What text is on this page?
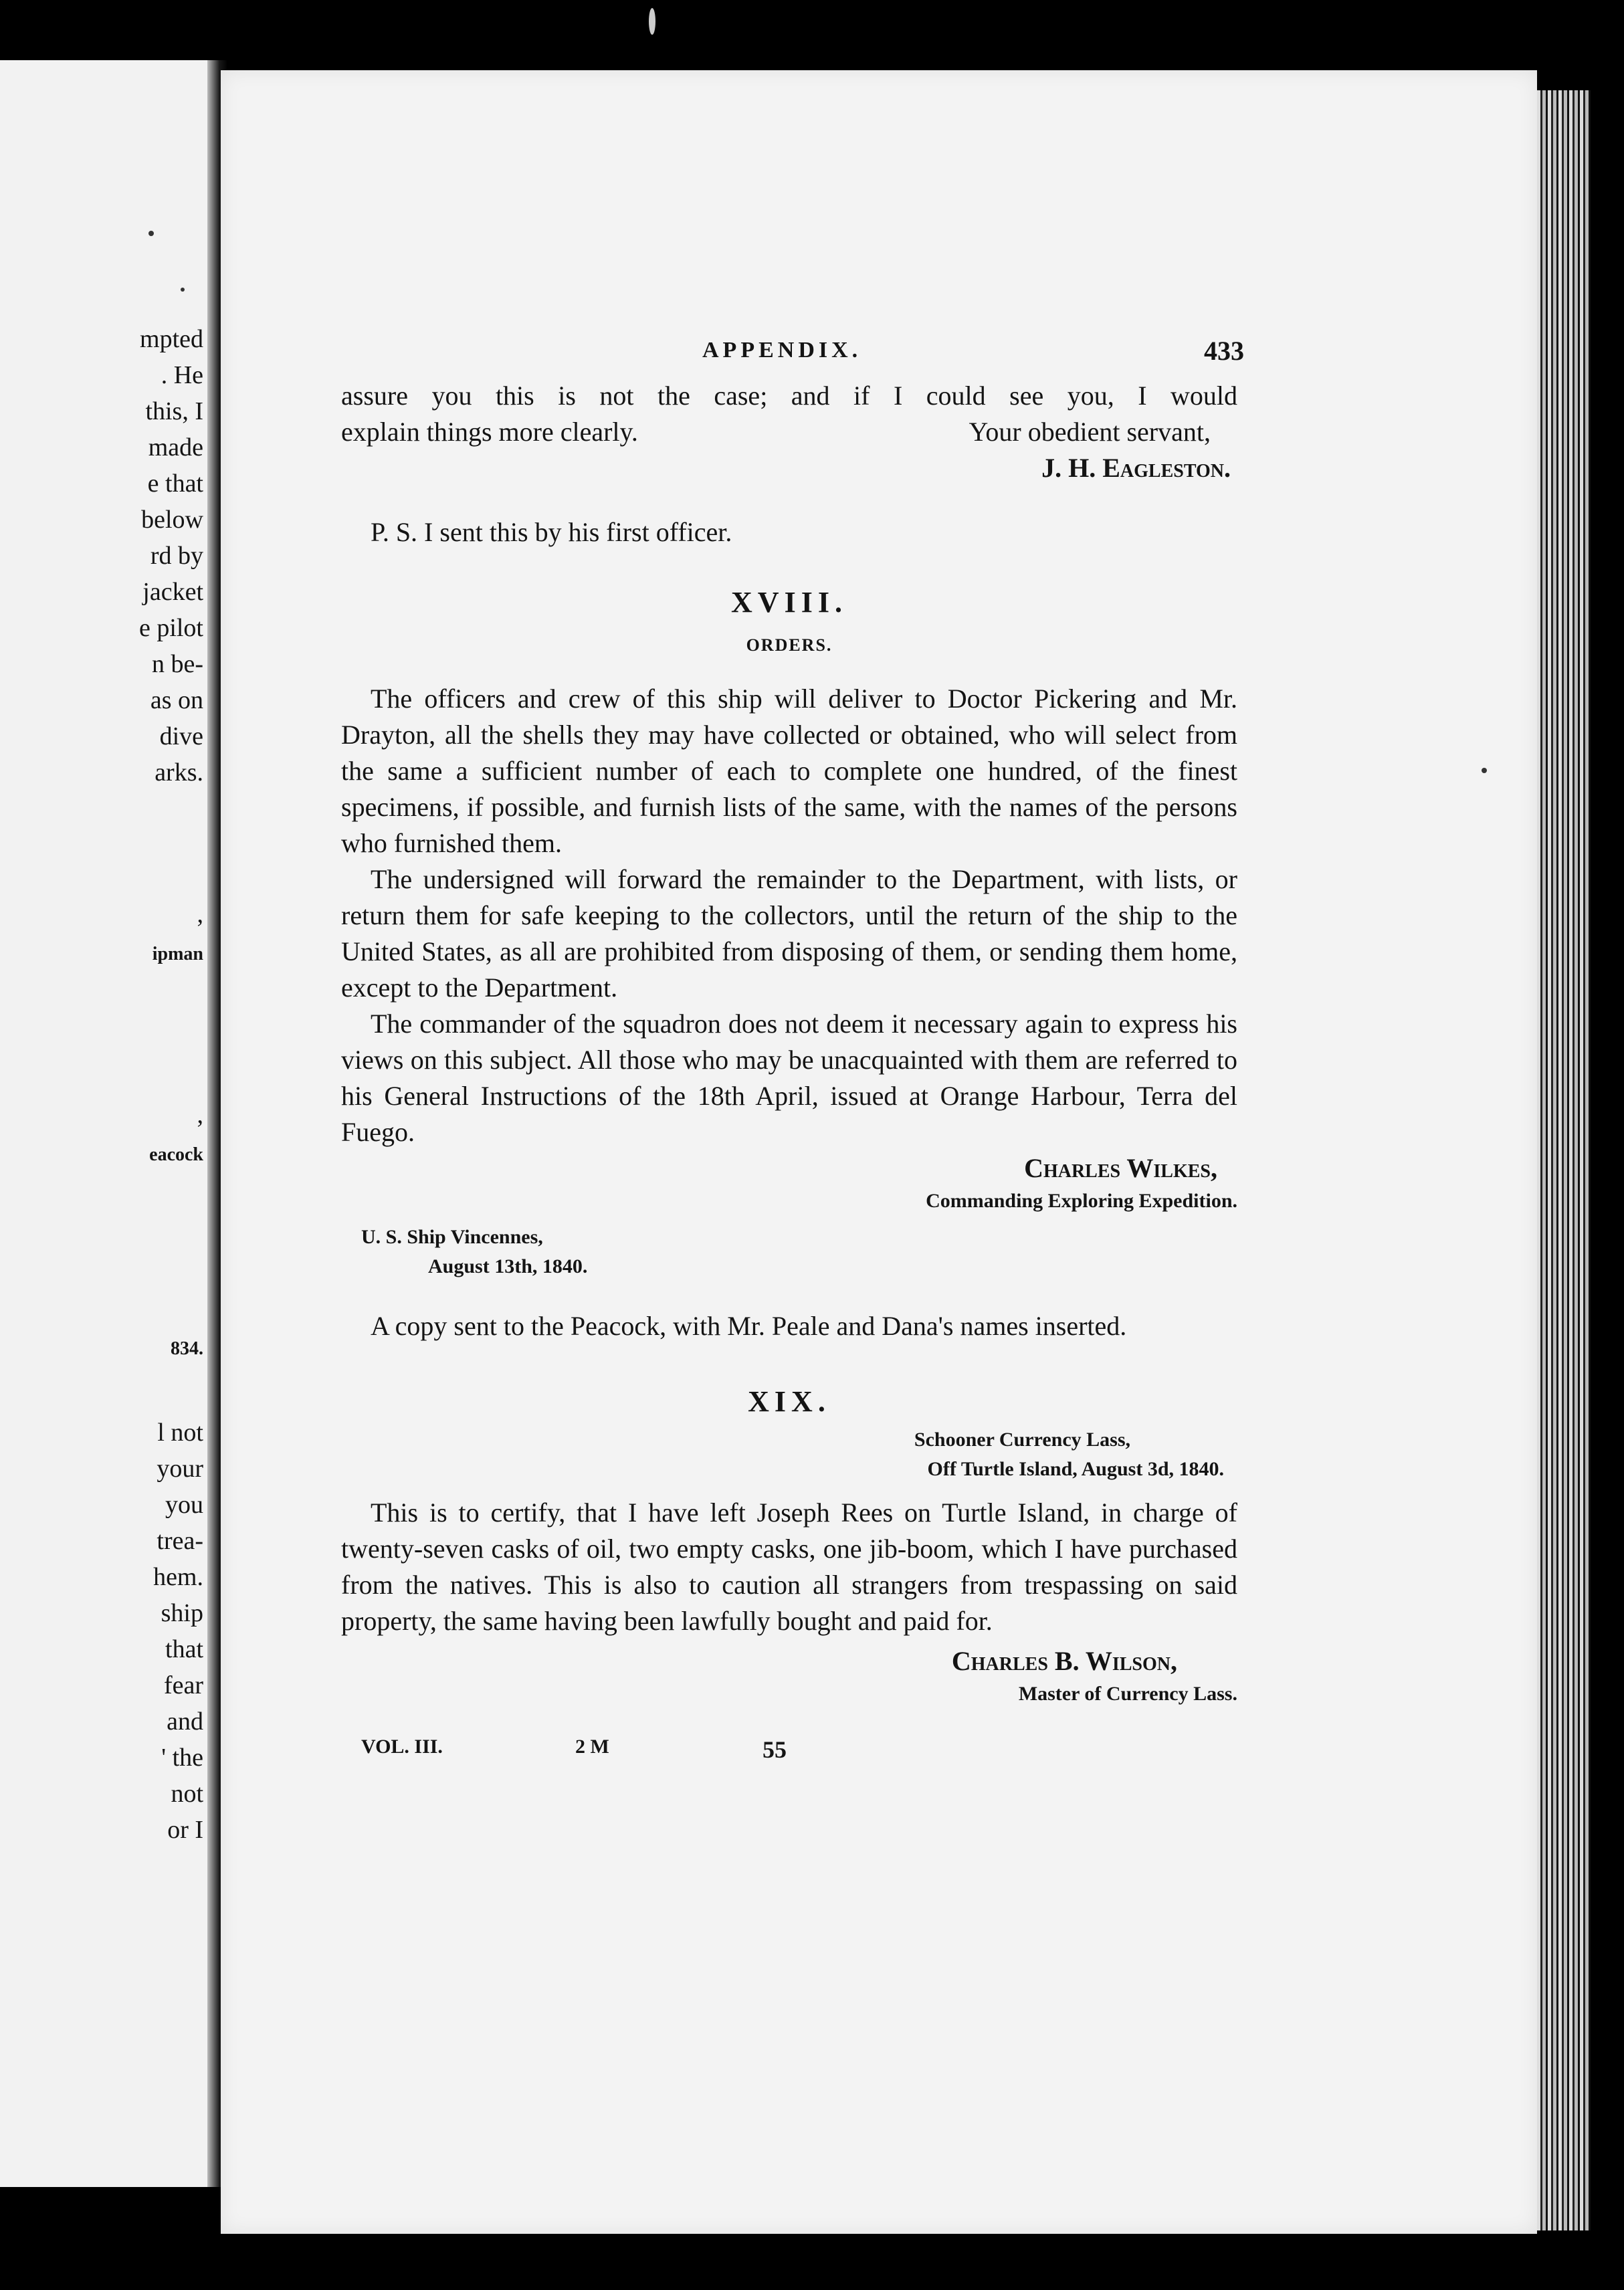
mpted
. He
this, I
made
e that
below
rd by
jacket
e pilot
n be-
as on
dive
arks.
,
ipman
,
eacock
834.
l not
your
you
trea-
hem.
ship
that
fear
and
' the
not
or I
APPENDIX.	433

assure you this is not the case; and if I could see you, I would

explain things more clearly.	Your obedient servant,

J. H. Eagleston.

P. S. I sent this by his first officer.

XVIII.

ORDERS.

The officers and crew of this ship will deliver to Doctor Pickering and Mr. Drayton, all the shells they may have collected or obtained, who will select from the same a sufficient number of each to complete one hundred, of the finest specimens, if possible, and furnish lists of the same, with the names of the persons who furnished them.

The undersigned will forward the remainder to the Department, with lists, or return them for safe keeping to the collectors, until the return of the ship to the United States, as all are prohibited from disposing of them, or sending them home, except to the Department.

The commander of the squadron does not deem it necessary again to express his views on this subject. All those who may be unacquainted with them are referred to his General Instructions of the 18th April, issued at Orange Harbour, Terra del Fuego.

Charles Wilkes,

Commanding Exploring Expedition.

U. S. Ship Vincennes,

August 13th, 1840.

A copy sent to the Peacock, with Mr. Peale and Dana's names inserted.

XIX.

Schooner Currency Lass,

Off Turtle Island, August 3d, 1840.

This is to certify, that I have left Joseph Rees on Turtle Island, in charge of twenty-seven casks of oil, two empty casks, one jib-boom, which I have purchased from the natives. This is also to caution all strangers from trespassing on said property, the same having been lawfully bought and paid for.

Charles B. Wilson,

Master of Currency Lass.

VOL. III.	2 M	55
